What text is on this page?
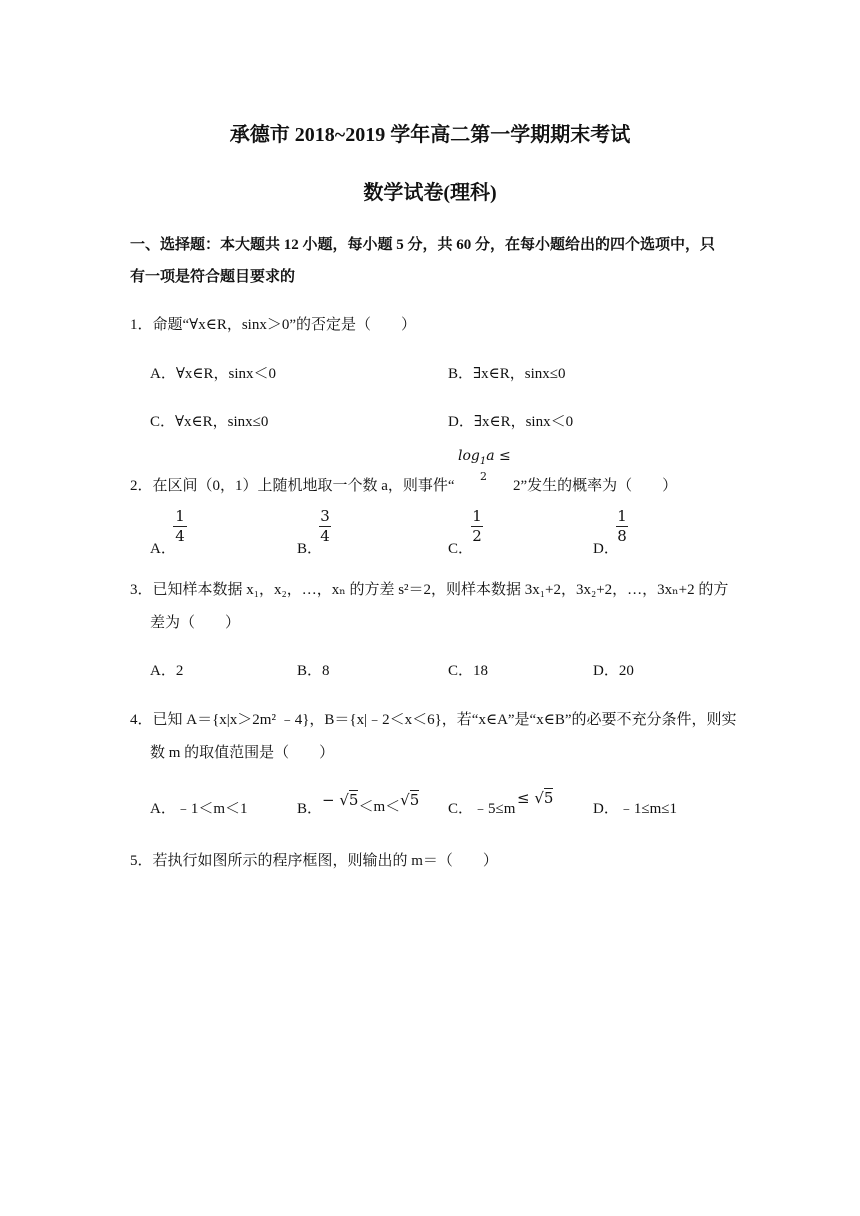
承德市 2018~2019 学年高二第一学期期末考试
数学试卷(理科)
一、选择题：本大题共 12 小题，每小题 5 分，共 60 分，在每小题给出的四个选项中，只
有一项是符合题目要求的
1．命题“∀x∈R，sinx＞0”的否定是（　　）
A．∀x∈R，sinx＜0	B．∃x∈R，sinx≤0
C．∀x∈R，sinx≤0	D．∃x∈R，sinx＜0
2．在区间（0，1）上随机地取一个数 a，则事件“
$\log_1a$ ≤
2
2”发生的概率为（　　）
A．
1
4
B．
3
4
C．
1
2
D．
1
8
3．已知样本数据 x₁，x₂，…，xₙ 的方差 s²＝2，则样本数据 3x₁+2，3x₂+2，…，3xₙ+2 的方
差为（　　）
A．2	B．8	C．18	D．20
4．已知 A＝{x|x＞2m² ﹣4}，B＝{x|﹣2＜x＜6}，若“x∈A”是“x∈B”的必要不充分条件，则实
数 m 的取值范围是（　　）
A．﹣1＜m＜1	B． − √5＜m＜√5 C．﹣5≤m
≤ √5
D．﹣1≤m≤1
5．若执行如图所示的程序框图，则输出的 m＝（　　）
